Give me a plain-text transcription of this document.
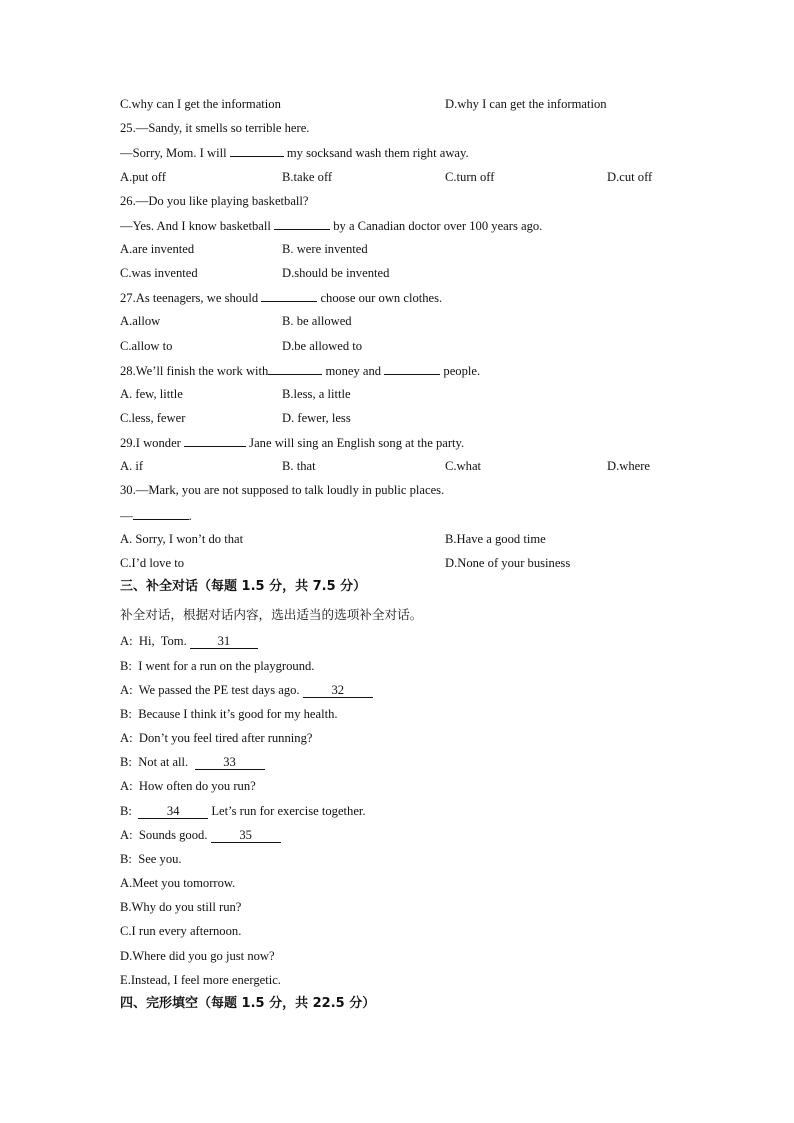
C.why can I get the information	D.why I can get the information
25.—Sandy, it smells so terrible here.
—Sorry, Mom. I will	my socksand wash them right away.
A.put off	B.take off	C.turn off	D.cut off
26.—Do you like playing basketball?
—Yes. And I know basketball	by a Canadian doctor over 100 years ago.
A.are invented	B. were invented
C.was invented	D.should be invented
27.As teenagers, we should	choose our own clothes.
A.allow	B. be allowed
C.allow to	D.be allowed to
28.We’ll finish the work with	money and	people.
A. few, little	B.less, a little
C.less, fewer	D. fewer, less
29.I wonder	Jane will sing an English song at the party.
A. if	B. that	C.what	D.where
30.—Mark, you are not supposed to talk loudly in public places.
—	.
A. Sorry, I won’t do that	B.Have a good time
C.I’d love to	D.None of your business
三、补全对话（每题 1.5 分，共 7.5 分）
补全对话，根据对话内容，选出适当的选项补全对话。
A:  Hi,  Tom. 31
B:  I went for a run on the playground.
A:  We passed the PE test days ago. 32
B:  Because I think it’s good for my health.
A:  Don’t you feel tired after running?
B:  Not at all.  33
A:  How often do you run?
B:  34 Let’s run for exercise together.
A:  Sounds good. 35
B:  See you.
A.Meet you tomorrow.
B.Why do you still run?
C.I run every afternoon.
D.Where did you go just now?
E.Instead, I feel more energetic.
四、完形填空（每题 1.5 分，共 22.5 分）
